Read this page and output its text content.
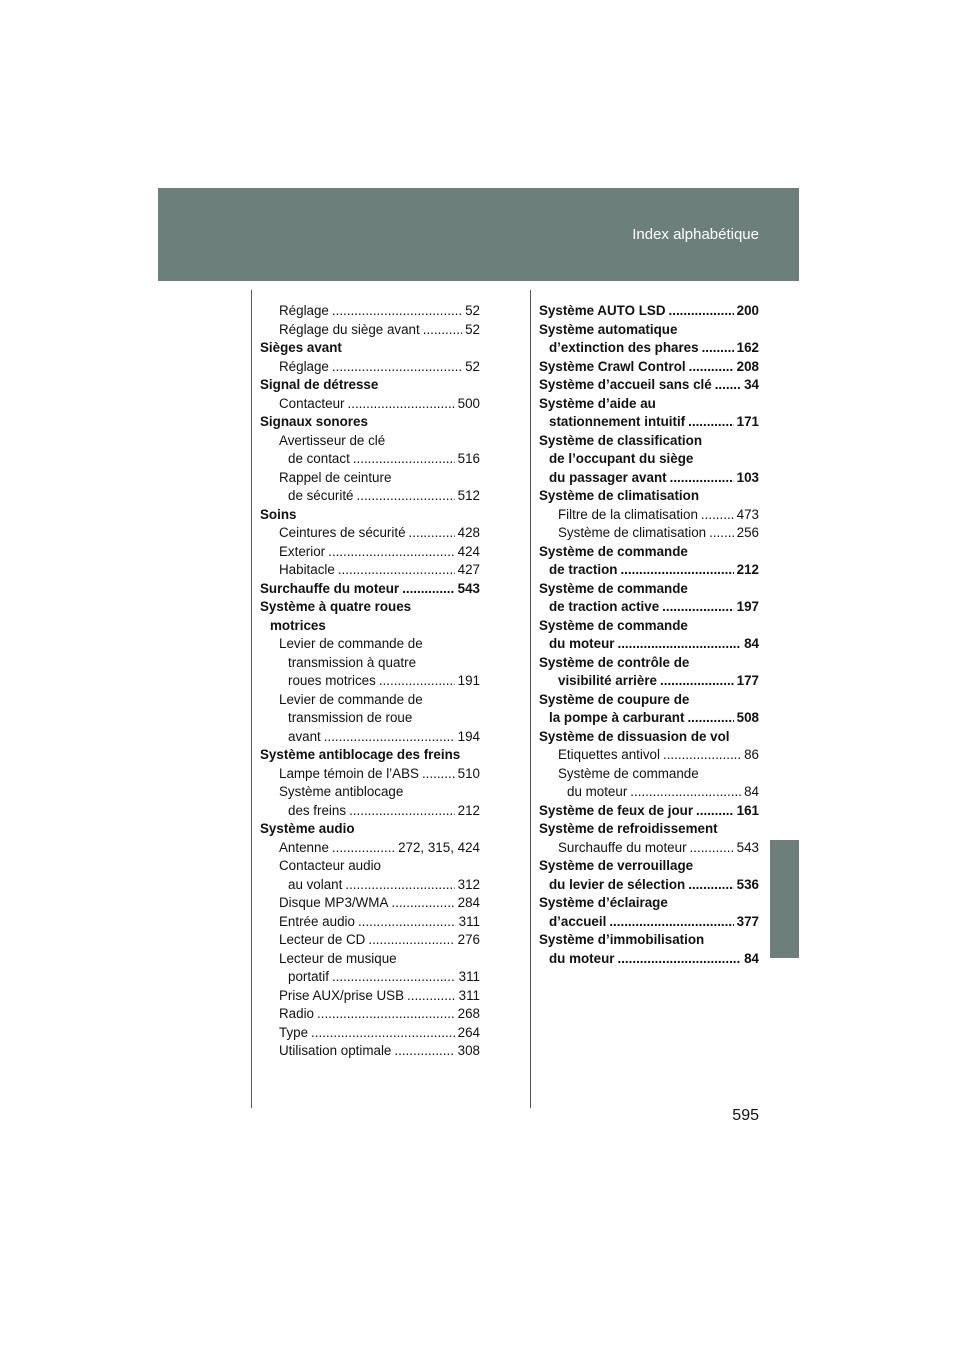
Index alphabétique
Réglage .....	52
Réglage du siège avant .....	52
Sièges avant
Réglage .....	52
Signal de détresse
Contacteur .....	500
Signaux sonores
Avertisseur de clé
de contact .....	516
Rappel de ceinture
de sécurité .....	512
Soins
Ceintures de sécurité .....	428
Exterior .....	424
Habitacle .....	427
Surchauffe du moteur .....	543
Système à quatre roues
motrices
Levier de commande de
transmission à quatre
roues motrices .....	191
Levier de commande de
transmission de roue
avant .....	194
Système antiblocage des freins
Lampe témoin de l’ABS .....	510
Système antiblocage
des freins .....	212
Système audio
Antenne .....	272, 315, 424
Contacteur audio
au volant .....	312
Disque MP3/WMA .....	284
Entrée audio .....	311
Lecteur de CD .....	276
Lecteur de musique
portatif .....	311
Prise AUX/prise USB .....	311
Radio .....	268
Type .....	264
Utilisation optimale .....	308
Système AUTO LSD .....	200
Système automatique
d’extinction des phares .....	162
Système Crawl Control .....	208
Système d’accueil sans clé ..... 34
Système d’aide au
stationnement intuitif .....	171
Système de classification
de l’occupant du siège
du passager avant .....	103
Système de climatisation
Filtre de la climatisation .....	473
Système de climatisation ..... 256
Système de commande
de traction .....	212
Système de commande
de traction active .....	197
Système de commande
du moteur .....	84
Système de contrôle de
visibilité arrière .....	177
Système de coupure de
la pompe à carburant .....	508
Système de dissuasion de vol
Etiquettes antivol .....	86
Système de commande
du moteur .....	84
Système de feux de jour .....	161
Système de refroidissement
Surchauffe du moteur .....	543
Système de verrouillage
du levier de sélection .....	536
Système d’éclairage
d’accueil .....	377
Système d’immobilisation
du moteur .....	84
595
